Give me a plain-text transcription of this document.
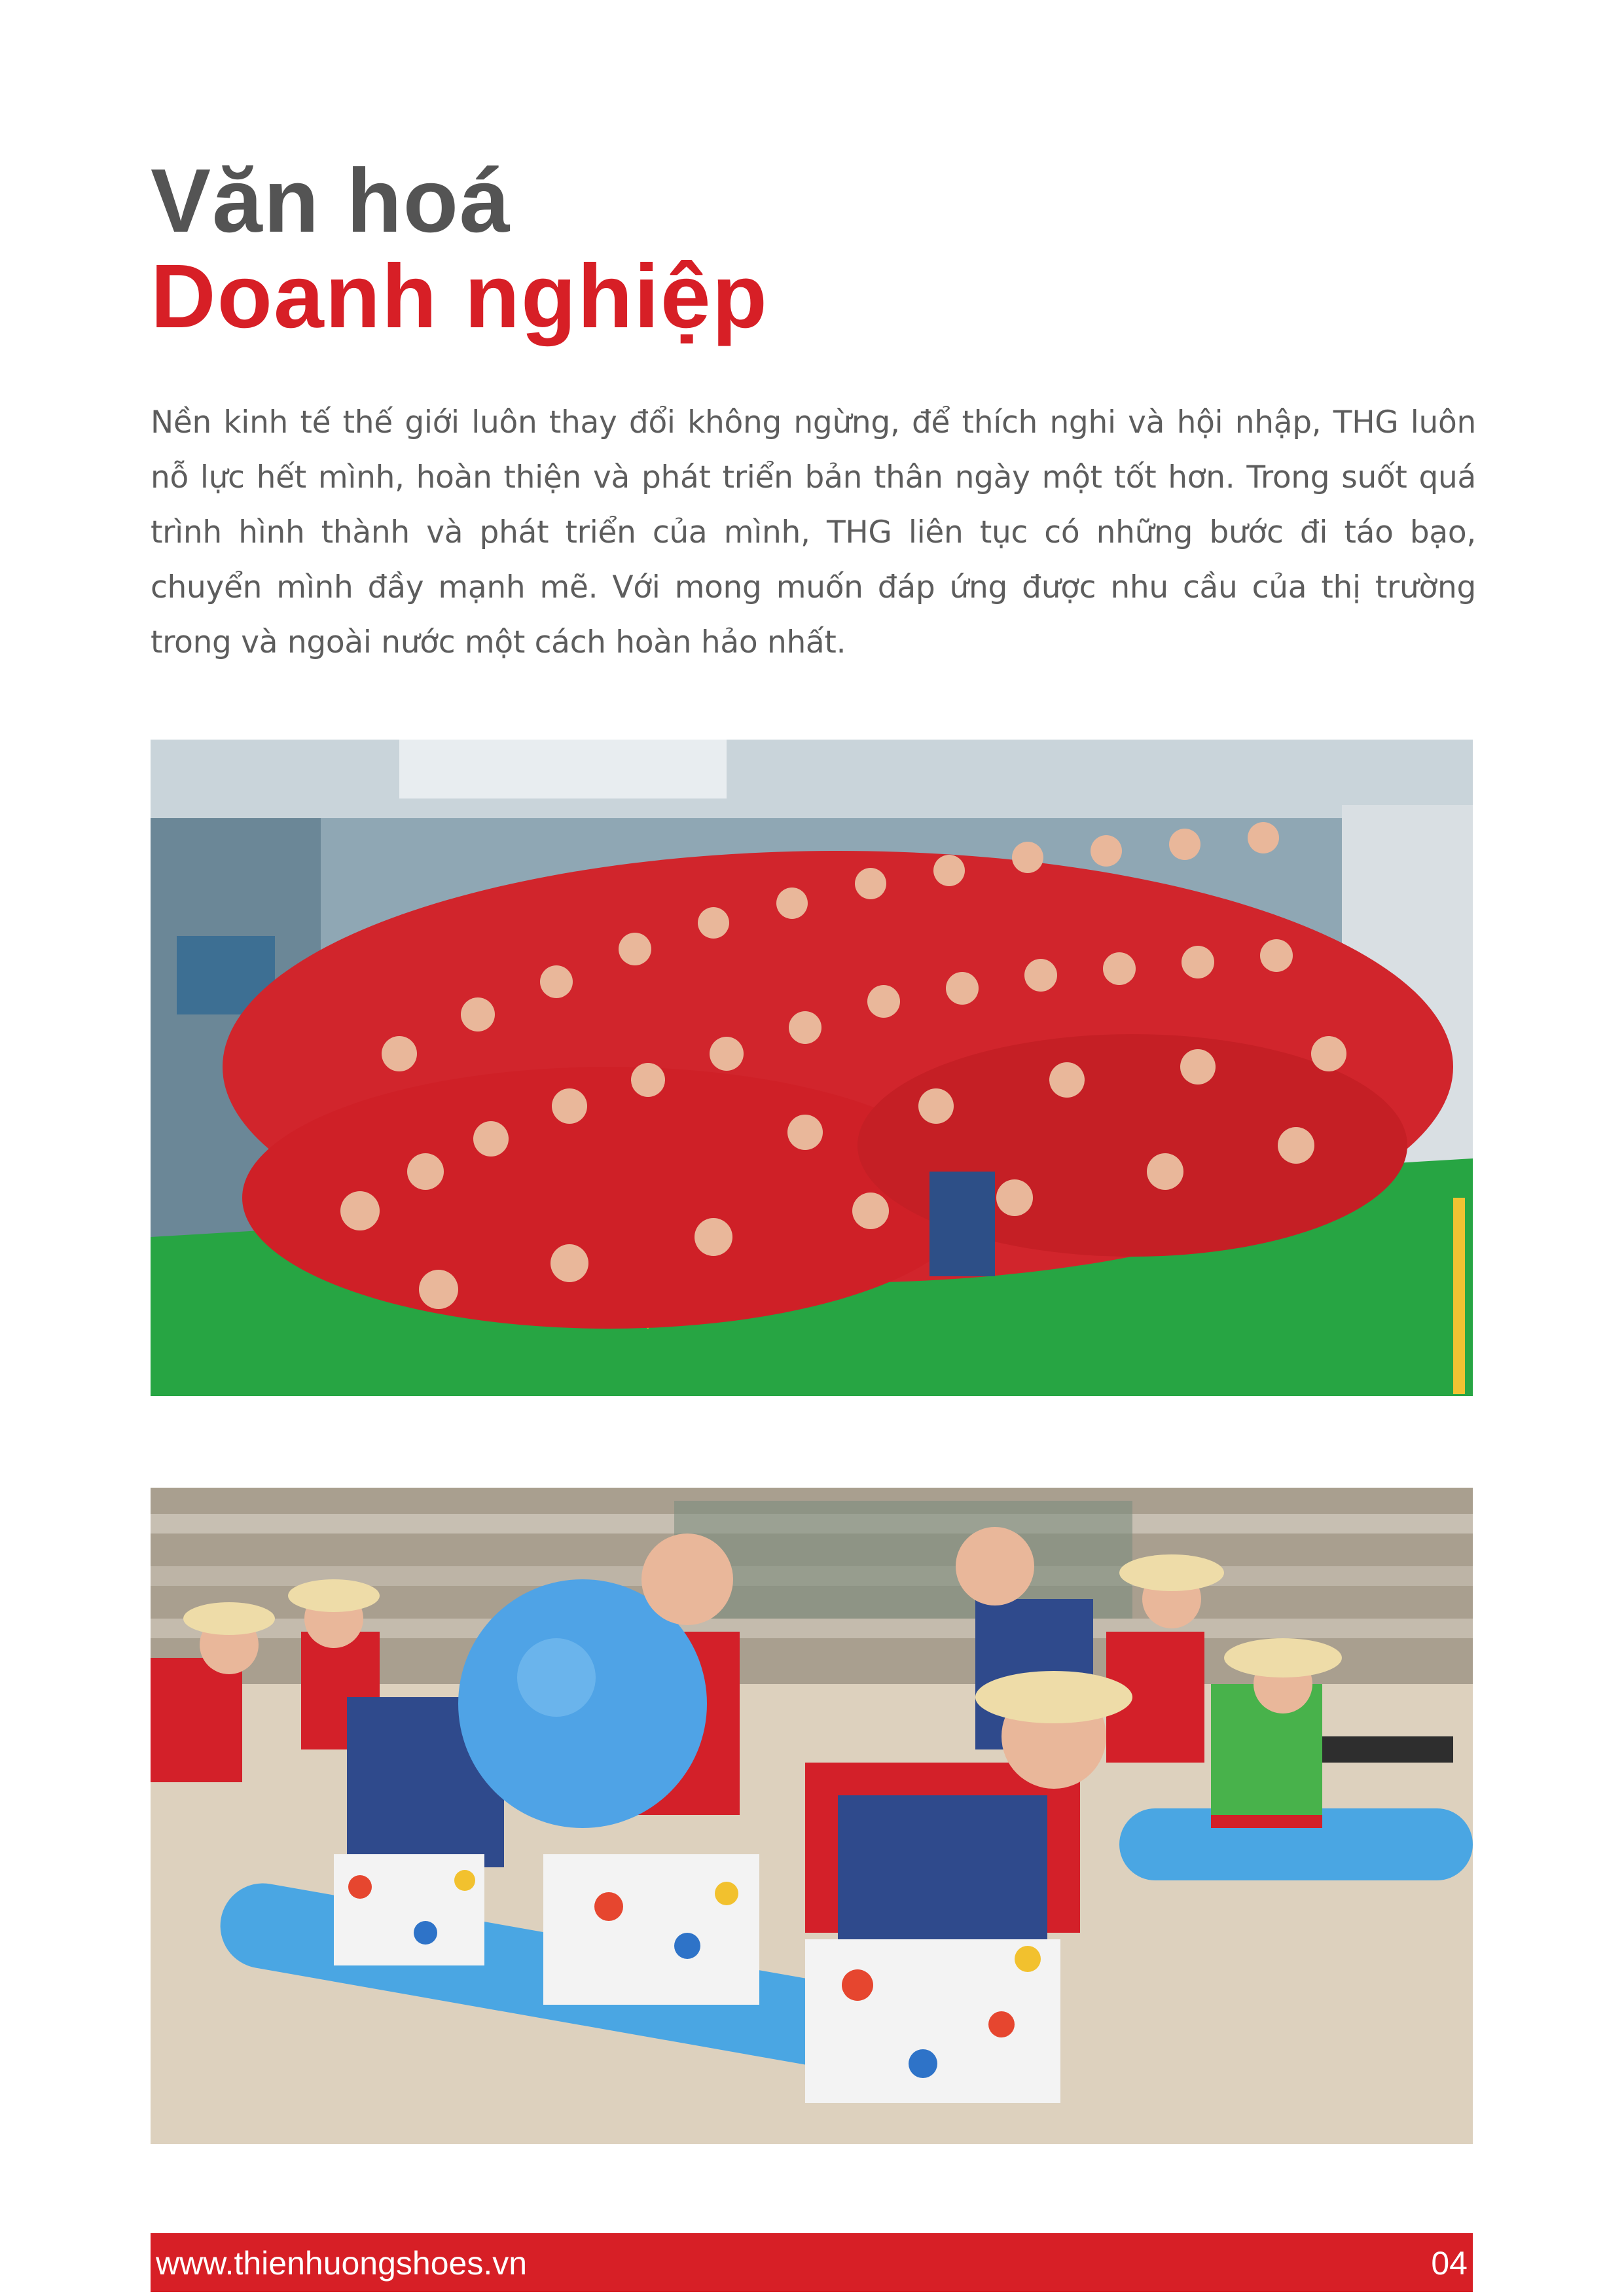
Văn hoá
Doanh nghiệp

Nền kinh tế thế giới luôn thay đổi không ngừng, để thích nghi và hội nhập, THG luôn nỗ lực hết mình, hoàn thiện và phát triển bản thân ngày một tốt hơn. Trong suốt quá trình hình thành và phát triển của mình, THG liên tục có những bước đi táo bạo, chuyển mình đầy mạnh mẽ. Với mong muốn đáp ứng được nhu cầu của thị trường trong và ngoài nước một cách hoàn hảo nhất.

www.thienhuongshoes.vn	04
